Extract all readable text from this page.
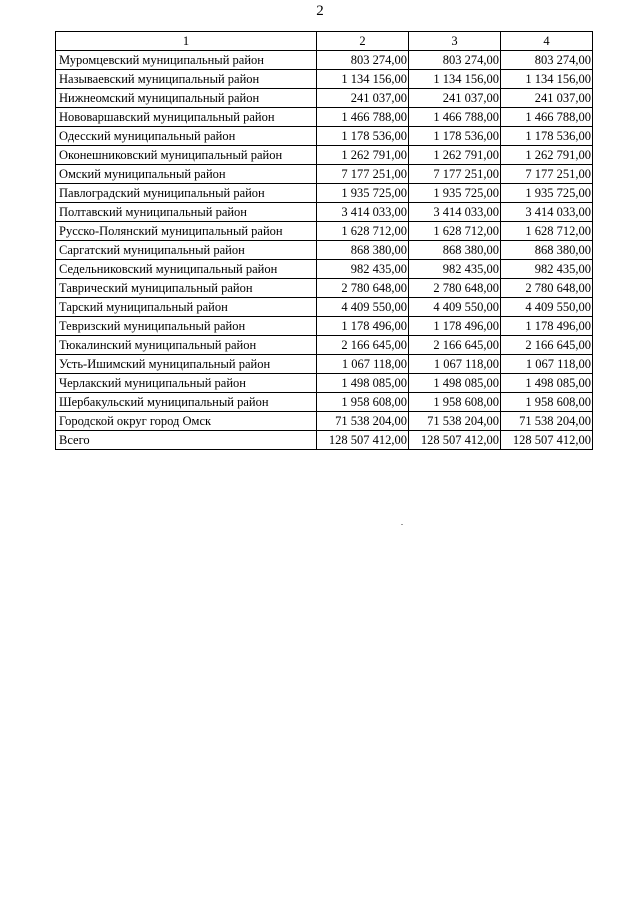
2
1	2	3	4
Муромцевский муниципальный район	803 274,00	803 274,00	803 274,00
Называевский муниципальный район	1 134 156,00	1 134 156,00	1 134 156,00
Нижнеомский муниципальный район	241 037,00	241 037,00	241 037,00
Нововаршавский муниципальный район	1 466 788,00	1 466 788,00	1 466 788,00
Одесский муниципальный район	1 178 536,00	1 178 536,00	1 178 536,00
Оконешниковский муниципальный район	1 262 791,00	1 262 791,00	1 262 791,00
Омский муниципальный район	7 177 251,00	7 177 251,00	7 177 251,00
Павлоградский муниципальный район	1 935 725,00	1 935 725,00	1 935 725,00
Полтавский муниципальный район	3 414 033,00	3 414 033,00	3 414 033,00
Русско-Полянский муниципальный район	1 628 712,00	1 628 712,00	1 628 712,00
Саргатский муниципальный район	868 380,00	868 380,00	868 380,00
Седельниковский муниципальный район	982 435,00	982 435,00	982 435,00
Таврический муниципальный район	2 780 648,00	2 780 648,00	2 780 648,00
Тарский муниципальный район	4 409 550,00	4 409 550,00	4 409 550,00
Тевризский муниципальный район	1 178 496,00	1 178 496,00	1 178 496,00
Тюкалинский муниципальный район	2 166 645,00	2 166 645,00	2 166 645,00
Усть-Ишимский муниципальный район	1 067 118,00	1 067 118,00	1 067 118,00
Черлакский муниципальный район	1 498 085,00	1 498 085,00	1 498 085,00
Шербакульский муниципальный район	1 958 608,00	1 958 608,00	1 958 608,00
Городской округ город Омск	71 538 204,00	71 538 204,00	71 538 204,00
Всего	128 507 412,00	128 507 412,00	128 507 412,00
